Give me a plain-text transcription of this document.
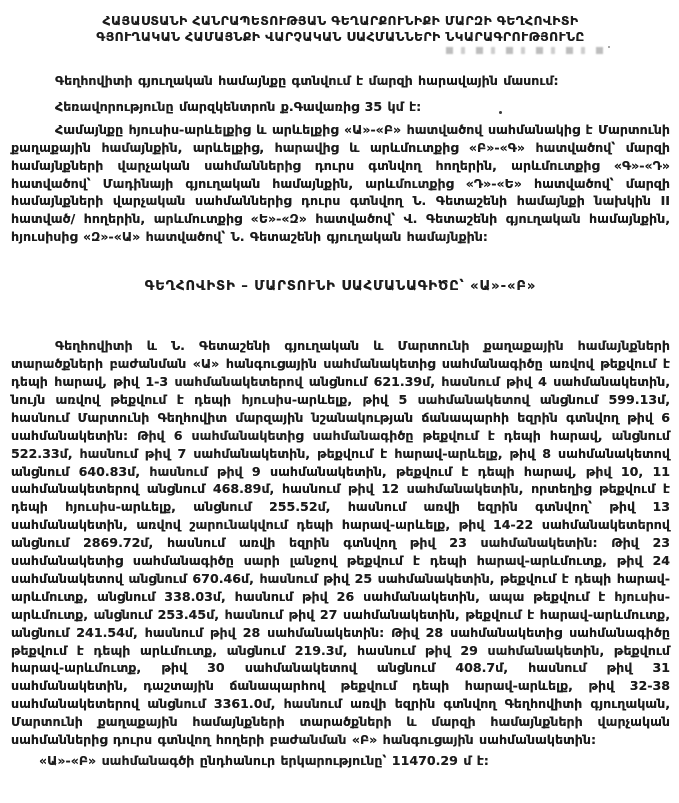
ՀԱՅԱՍՏԱՆԻ ՀԱՆՐԱՊԵՏՈՒԹՅԱՆ ԳԵՂԱՐՔՈՒՆԻՔԻ ՄԱՐԶԻ ԳԵՂՀՈՎԻՏԻ
ԳՅՈՒՂԱԿԱՆ ՀԱՄԱՅՆՔԻ ՎԱՐՉԱԿԱՆ ՍԱՀՄԱՆՆԵՐԻ ՆԿԱՐԱԳՐՈՒԹՅՈՒՆԸ

Գեղհովիտի գյուղական համայնքը գտնվում է մարզի հարավային մասում:

Հեռավորությունը մարզկենտրոն ք.Գավառից 35 կմ է:

Համայնքը հյուսիս-արևելքից և արևելքից «Ա»-«Բ» հատվածով սահմանակից է Մարտունի քաղաքային համայնքին, արևելքից, հարավից և արևմուտքից «Բ»-«Գ» հատվածով՝ մարզի համայնքների վարչական սահմաններից դուրս գտնվող հողերին, արևմուտքից «Գ»-«Դ» հատվածով՝ Մադինայի գյուղական համայնքին, արևմուտքից «Դ»-«Ե» հատվածով՝ մարզի համայնքների վարչական սահմաններից դուրս գտնվող Ն. Գետաշենի համայնքի նախկին II հատված/ հողերին, արևմուտքից «Ե»-«Զ» հատվածով՝ Վ. Գետաշենի գյուղական համայնքին, հյուսիսից «Զ»-«Ա» հատվածով՝ Ն. Գետաշենի գյուղական համայնքին:

ԳԵՂՀՈՎԻՏԻ – ՄԱՐՏՈՒՆԻ ՍԱՀՄԱՆԱԳԻԾԸ՝ «Ա»-«Բ»

Գեղհովիտի և Ն. Գետաշենի գյուղական և Մարտունի քաղաքային համայնքների տարածքների բաժանման «Ա» հանգուցային սահմանակետից սահմանագիծը առվով թեքվում է դեպի հարավ, թիվ 1-3 սահմանակետերով անցնում 621.39մ, հասնում թիվ 4 սահմանակետին, նույն առվով թեքվում է դեպի հյուսիս-արևելք, թիվ 5 սահմանակետով անցնում 599.13մ, հասնում Մարտունի Գեղհովիտ մարզային նշանակության ճանապարհի եզրին գտնվող թիվ 6 սահմանակետին: Թիվ 6 սահմանակետից սահմանագիծը թեքվում է դեպի հարավ, անցնում 522.33մ, հասնում թիվ 7 սահմանակետին, թեքվում է հարավ-արևելք, թիվ 8 սահմանակետով անցնում 640.83մ, հասնում թիվ 9 սահմանակետին, թեքվում է դեպի հարավ, թիվ 10, 11 սահմանակետերով անցնում 468.89մ, հասնում թիվ 12 սահմանակետին, որտեղից թեքվում է դեպի հյուսիս-արևելք, անցնում 255.52մ, հասնում առվի եզրին գտնվող՝ թիվ 13 սահմանակետին, առվով շարունակվում դեպի հարավ-արևելք, թիվ 14-22 սահմանակետերով անցնում 2869.72մ, հասնում առվի եզրին գտնվող թիվ 23 սահմանակետին: Թիվ 23 սահմանակետից սահմանագիծը սարի լանջով թեքվում է դեպի հարավ-արևմուտք, թիվ 24 սահմանակետով անցնում 670.46մ, հասնում թիվ 25 սահմանակետին, թեքվում է դեպի հարավ-արևմուտք, անցնում 338.03մ, հասնում թիվ 26 սահմանակետին, ապա թեքվում է հյուսիս-արևմուտք, անցնում 253.45մ, հասնում թիվ 27 սահմանակետին, թեքվում է հարավ-արևմուտք, անցնում 241.54մ, հասնում թիվ 28 սահմանակետին: Թիվ 28 սահմանակետից սահմանագիծը թեքվում է դեպի արևմուտք, անցնում 219.3մ, հասնում թիվ 29 սահմանակետին, թեքվում հարավ-արևմուտք, թիվ 30 սահմանակետով անցնում 408.7մ, հասնում թիվ 31 սահմանակետին, դաշտային ճանապարհով թեքվում դեպի հարավ-արևելք, թիվ 32-38 սահմանակետերով անցնում 3361.0մ, հասնում առվի եզրին գտնվող Գեղհովիտի գյուղական, Մարտունի քաղաքային համայնքների տարածքների և մարզի համայնքների վարչական սահմաններից դուրս գտնվող հողերի բաժանման «Բ» հանգուցային սահմանակետին:

«Ա»-«Բ» սահմանագծի ընդհանուր երկարությունը՝ 11470.29 մ է:
